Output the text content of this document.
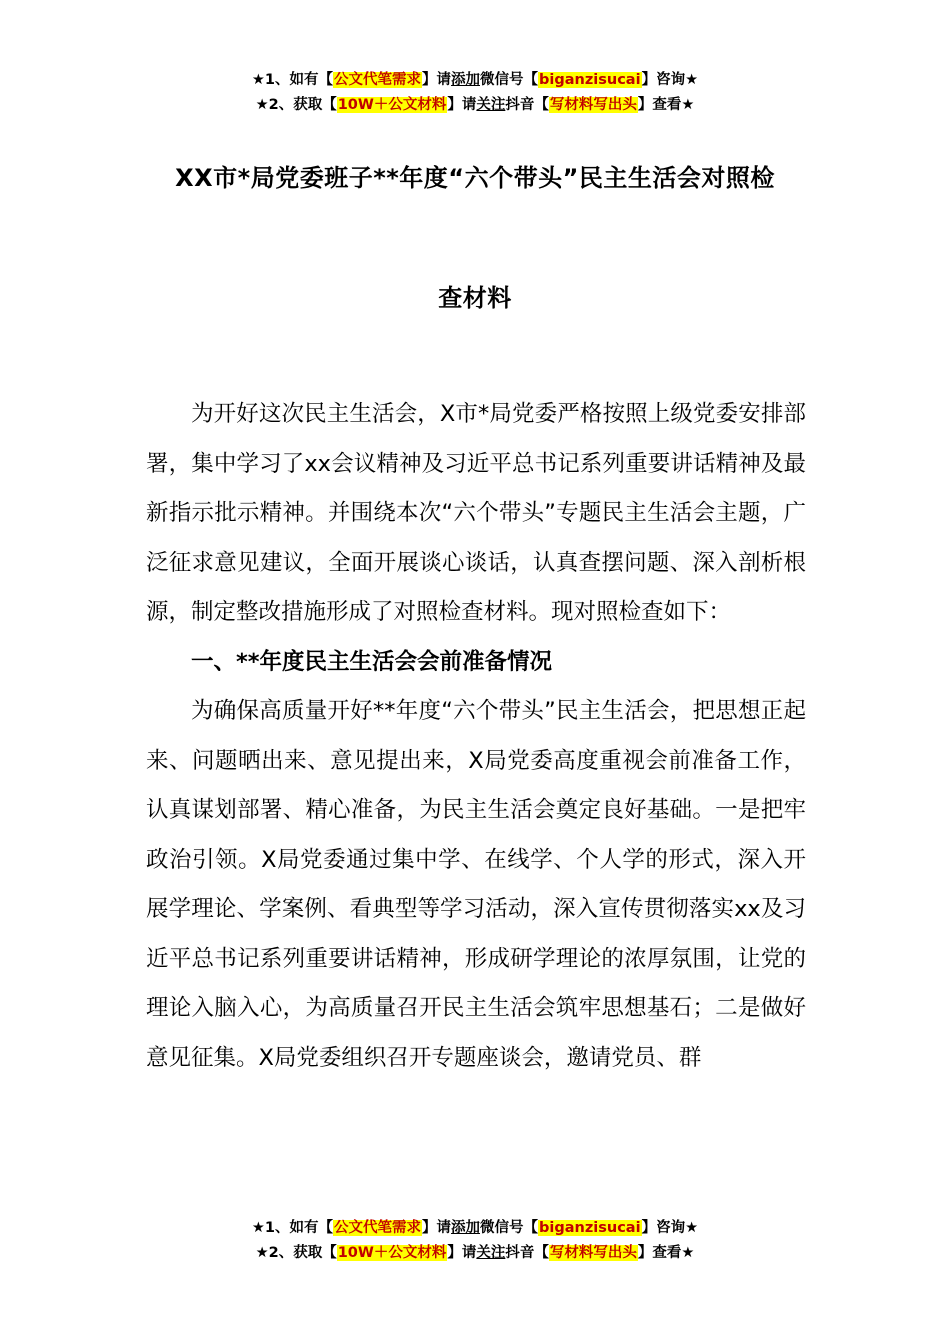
★1、如有【公文代笔需求】请添加微信号【biganzisucai】咨询★
★2、获取【10W＋公文材料】请关注抖音【写材料写出头】查看★
XX市*局党委班子**年度“六个带头”民主生活会对照检
查材料

为开好这次民主生活会，X市*局党委严格按照上级党委安排部署，集中学习了xx会议精神及习近平总书记系列重要讲话精神及最新指示批示精神。并围绕本次“六个带头”专题民主生活会主题，广泛征求意见建议，全面开展谈心谈话，认真查摆问题、深入剖析根源，制定整改措施形成了对照检查材料。现对照检查如下：

一、**年度民主生活会会前准备情况

为确保高质量开好**年度“六个带头”民主生活会，把思想正起来、问题晒出来、意见提出来，X局党委高度重视会前准备工作，认真谋划部署、精心准备，为民主生活会奠定良好基础。一是把牢政治引领。X局党委通过集中学、在线学、个人学的形式，深入开展学理论、学案例、看典型等学习活动，深入宣传贯彻落实xx及习近平总书记系列重要讲话精神，形成研学理论的浓厚氛围，让党的理论入脑入心，为高质量召开民主生活会筑牢思想基石；二是做好意见征集。X局党委组织召开专题座谈会，邀请党员、群

★1、如有【公文代笔需求】请添加微信号【biganzisucai】咨询★
★2、获取【10W＋公文材料】请关注抖音【写材料写出头】查看★
